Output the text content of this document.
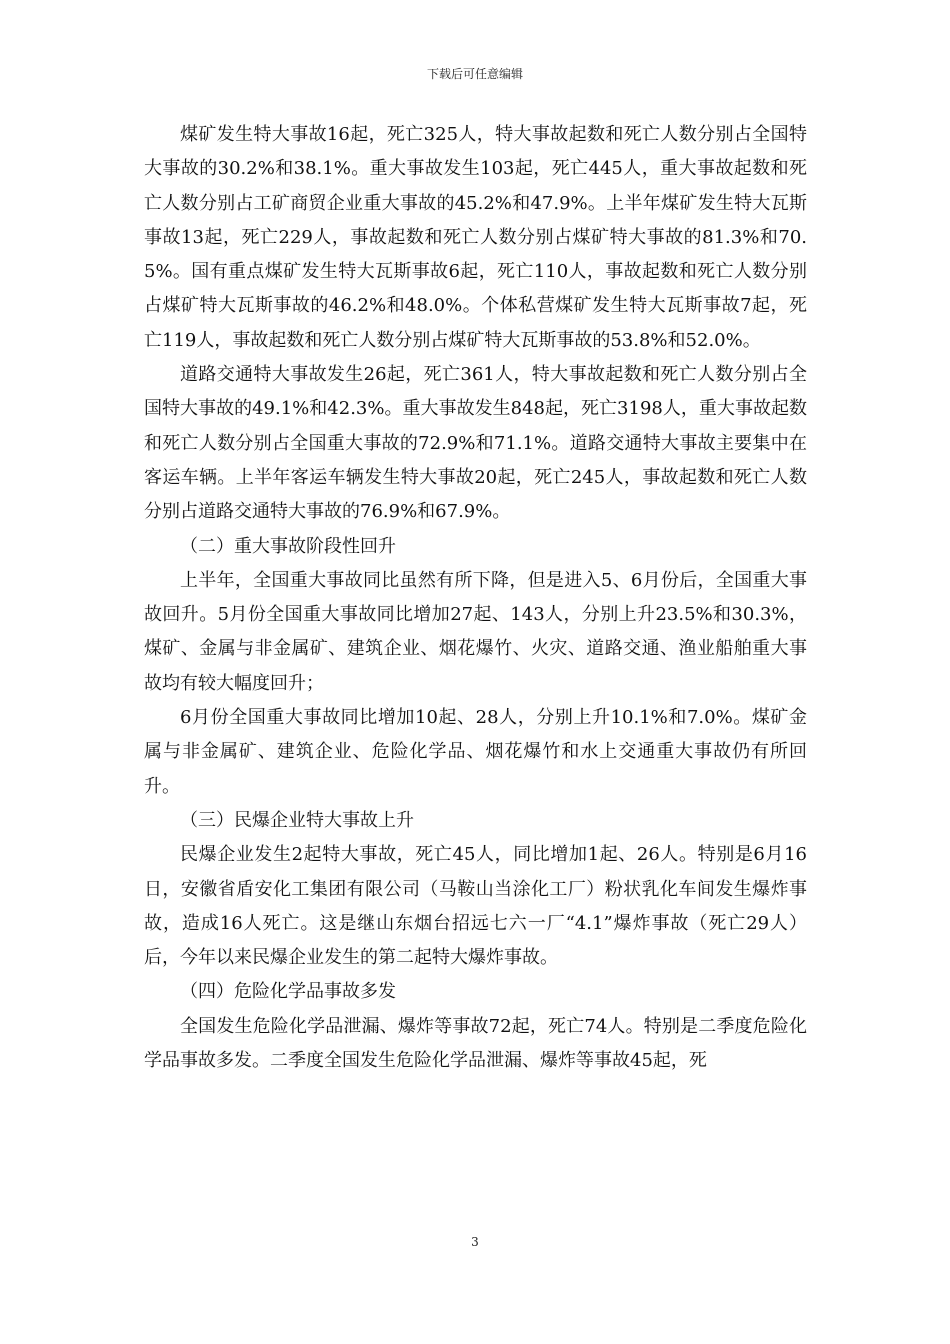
下载后可任意编辑

煤矿发生特大事故16起，死亡325人，特大事故起数和死亡人数分别占全国特大事故的30.2%和38.1%。重大事故发生103起，死亡445人，重大事故起数和死亡人数分别占工矿商贸企业重大事故的45.2%和47.9%。上半年煤矿发生特大瓦斯事故13起，死亡229人，事故起数和死亡人数分别占煤矿特大事故的81.3%和70.5%。国有重点煤矿发生特大瓦斯事故6起，死亡110人，事故起数和死亡人数分别占煤矿特大瓦斯事故的46.2%和48.0%。个体私营煤矿发生特大瓦斯事故7起，死亡119人，事故起数和死亡人数分别占煤矿特大瓦斯事故的53.8%和52.0%。

道路交通特大事故发生26起，死亡361人，特大事故起数和死亡人数分别占全国特大事故的49.1%和42.3%。重大事故发生848起，死亡3198人，重大事故起数和死亡人数分别占全国重大事故的72.9%和71.1%。道路交通特大事故主要集中在客运车辆。上半年客运车辆发生特大事故20起，死亡245人，事故起数和死亡人数分别占道路交通特大事故的76.9%和67.9%。

（二）重大事故阶段性回升

上半年，全国重大事故同比虽然有所下降，但是进入5、6月份后，全国重大事故回升。5月份全国重大事故同比增加27起、143人，分别上升23.5%和30.3%，煤矿、金属与非金属矿、建筑企业、烟花爆竹、火灾、道路交通、渔业船舶重大事故均有较大幅度回升；

6月份全国重大事故同比增加10起、28人，分别上升10.1%和7.0%。煤矿金属与非金属矿、建筑企业、危险化学品、烟花爆竹和水上交通重大事故仍有所回升。

（三）民爆企业特大事故上升

民爆企业发生2起特大事故，死亡45人，同比增加1起、26人。特别是6月16日，安徽省盾安化工集团有限公司（马鞍山当涂化工厂）粉状乳化车间发生爆炸事故，造成16人死亡。这是继山东烟台招远七六一厂“4.1”爆炸事故（死亡29人）后，今年以来民爆企业发生的第二起特大爆炸事故。

（四）危险化学品事故多发

全国发生危险化学品泄漏、爆炸等事故72起，死亡74人。特别是二季度危险化学品事故多发。二季度全国发生危险化学品泄漏、爆炸等事故45起，死

3
